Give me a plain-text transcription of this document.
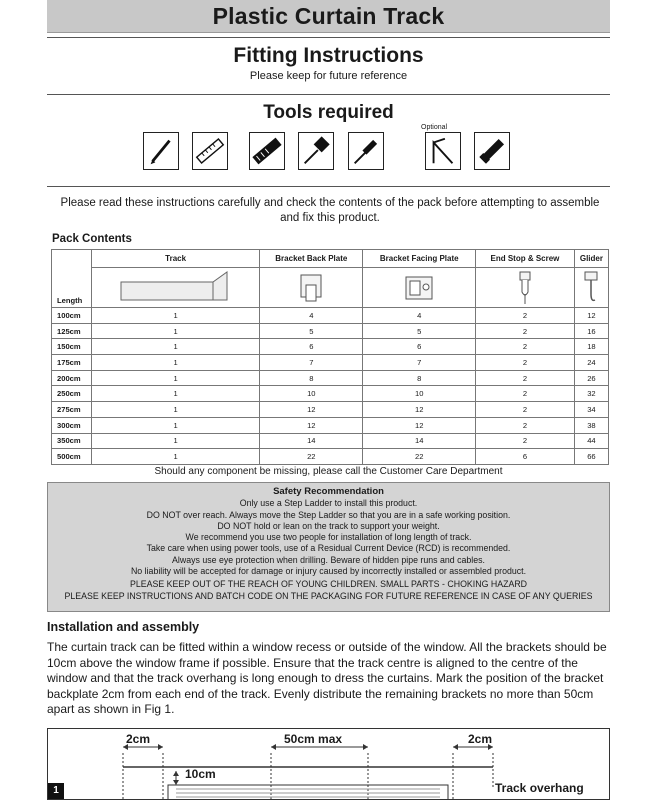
Plastic Curtain Track
Fitting Instructions
Please keep for future reference
Tools required
Optional
Please read these instructions carefully and check the contents of the pack before attempting to assemble and fix this product.
Pack Contents
Length	Track	Bracket Back Plate	Bracket Facing Plate	End Stop & Screw	Glider

100cm	1	4	4	2	12
125cm	1	5	5	2	16
150cm	1	6	6	2	18
175cm	1	7	7	2	24
200cm	1	8	8	2	26
250cm	1	10	10	2	32
275cm	1	12	12	2	34
300cm	1	12	12	2	38
350cm	1	14	14	2	44
500cm	1	22	22	6	66
Should any component be missing, please call the Customer Care Department
Safety Recommendation
Only use a Step Ladder to install this product.
DO NOT over reach. Always move the Step Ladder so that you are in a safe working position.
DO NOT hold or lean on the track to support your weight.
We recommend you use two people for installation of long length of track.
Take care when using power tools, use of a Residual Current Device (RCD) is recommended.
Always use eye protection when drilling. Beware of hidden pipe runs and cables.
No liability will be accepted for damage or injury caused by incorrectly installed or assembled product.
PLEASE KEEP OUT OF THE REACH OF YOUNG CHILDREN. SMALL PARTS - CHOKING HAZARD
PLEASE KEEP INSTRUCTIONS AND BATCH CODE ON THE PACKAGING FOR FUTURE REFERENCE IN CASE OF ANY QUERIES
Installation and assembly
The curtain track can be fitted within a window recess or outside of the window. All the brackets should be 10cm above the window frame if possible. Ensure that the track centre is aligned to the centre of the window and that the track overhang is long enough to dress the curtains. Mark the position of the bracket backplate 2cm from each end of the track. Evenly distribute the remaining brackets no more than 50cm apart as shown in Fig 1.
2cm	50cm max	2cm
10cm
Track overhang
1
